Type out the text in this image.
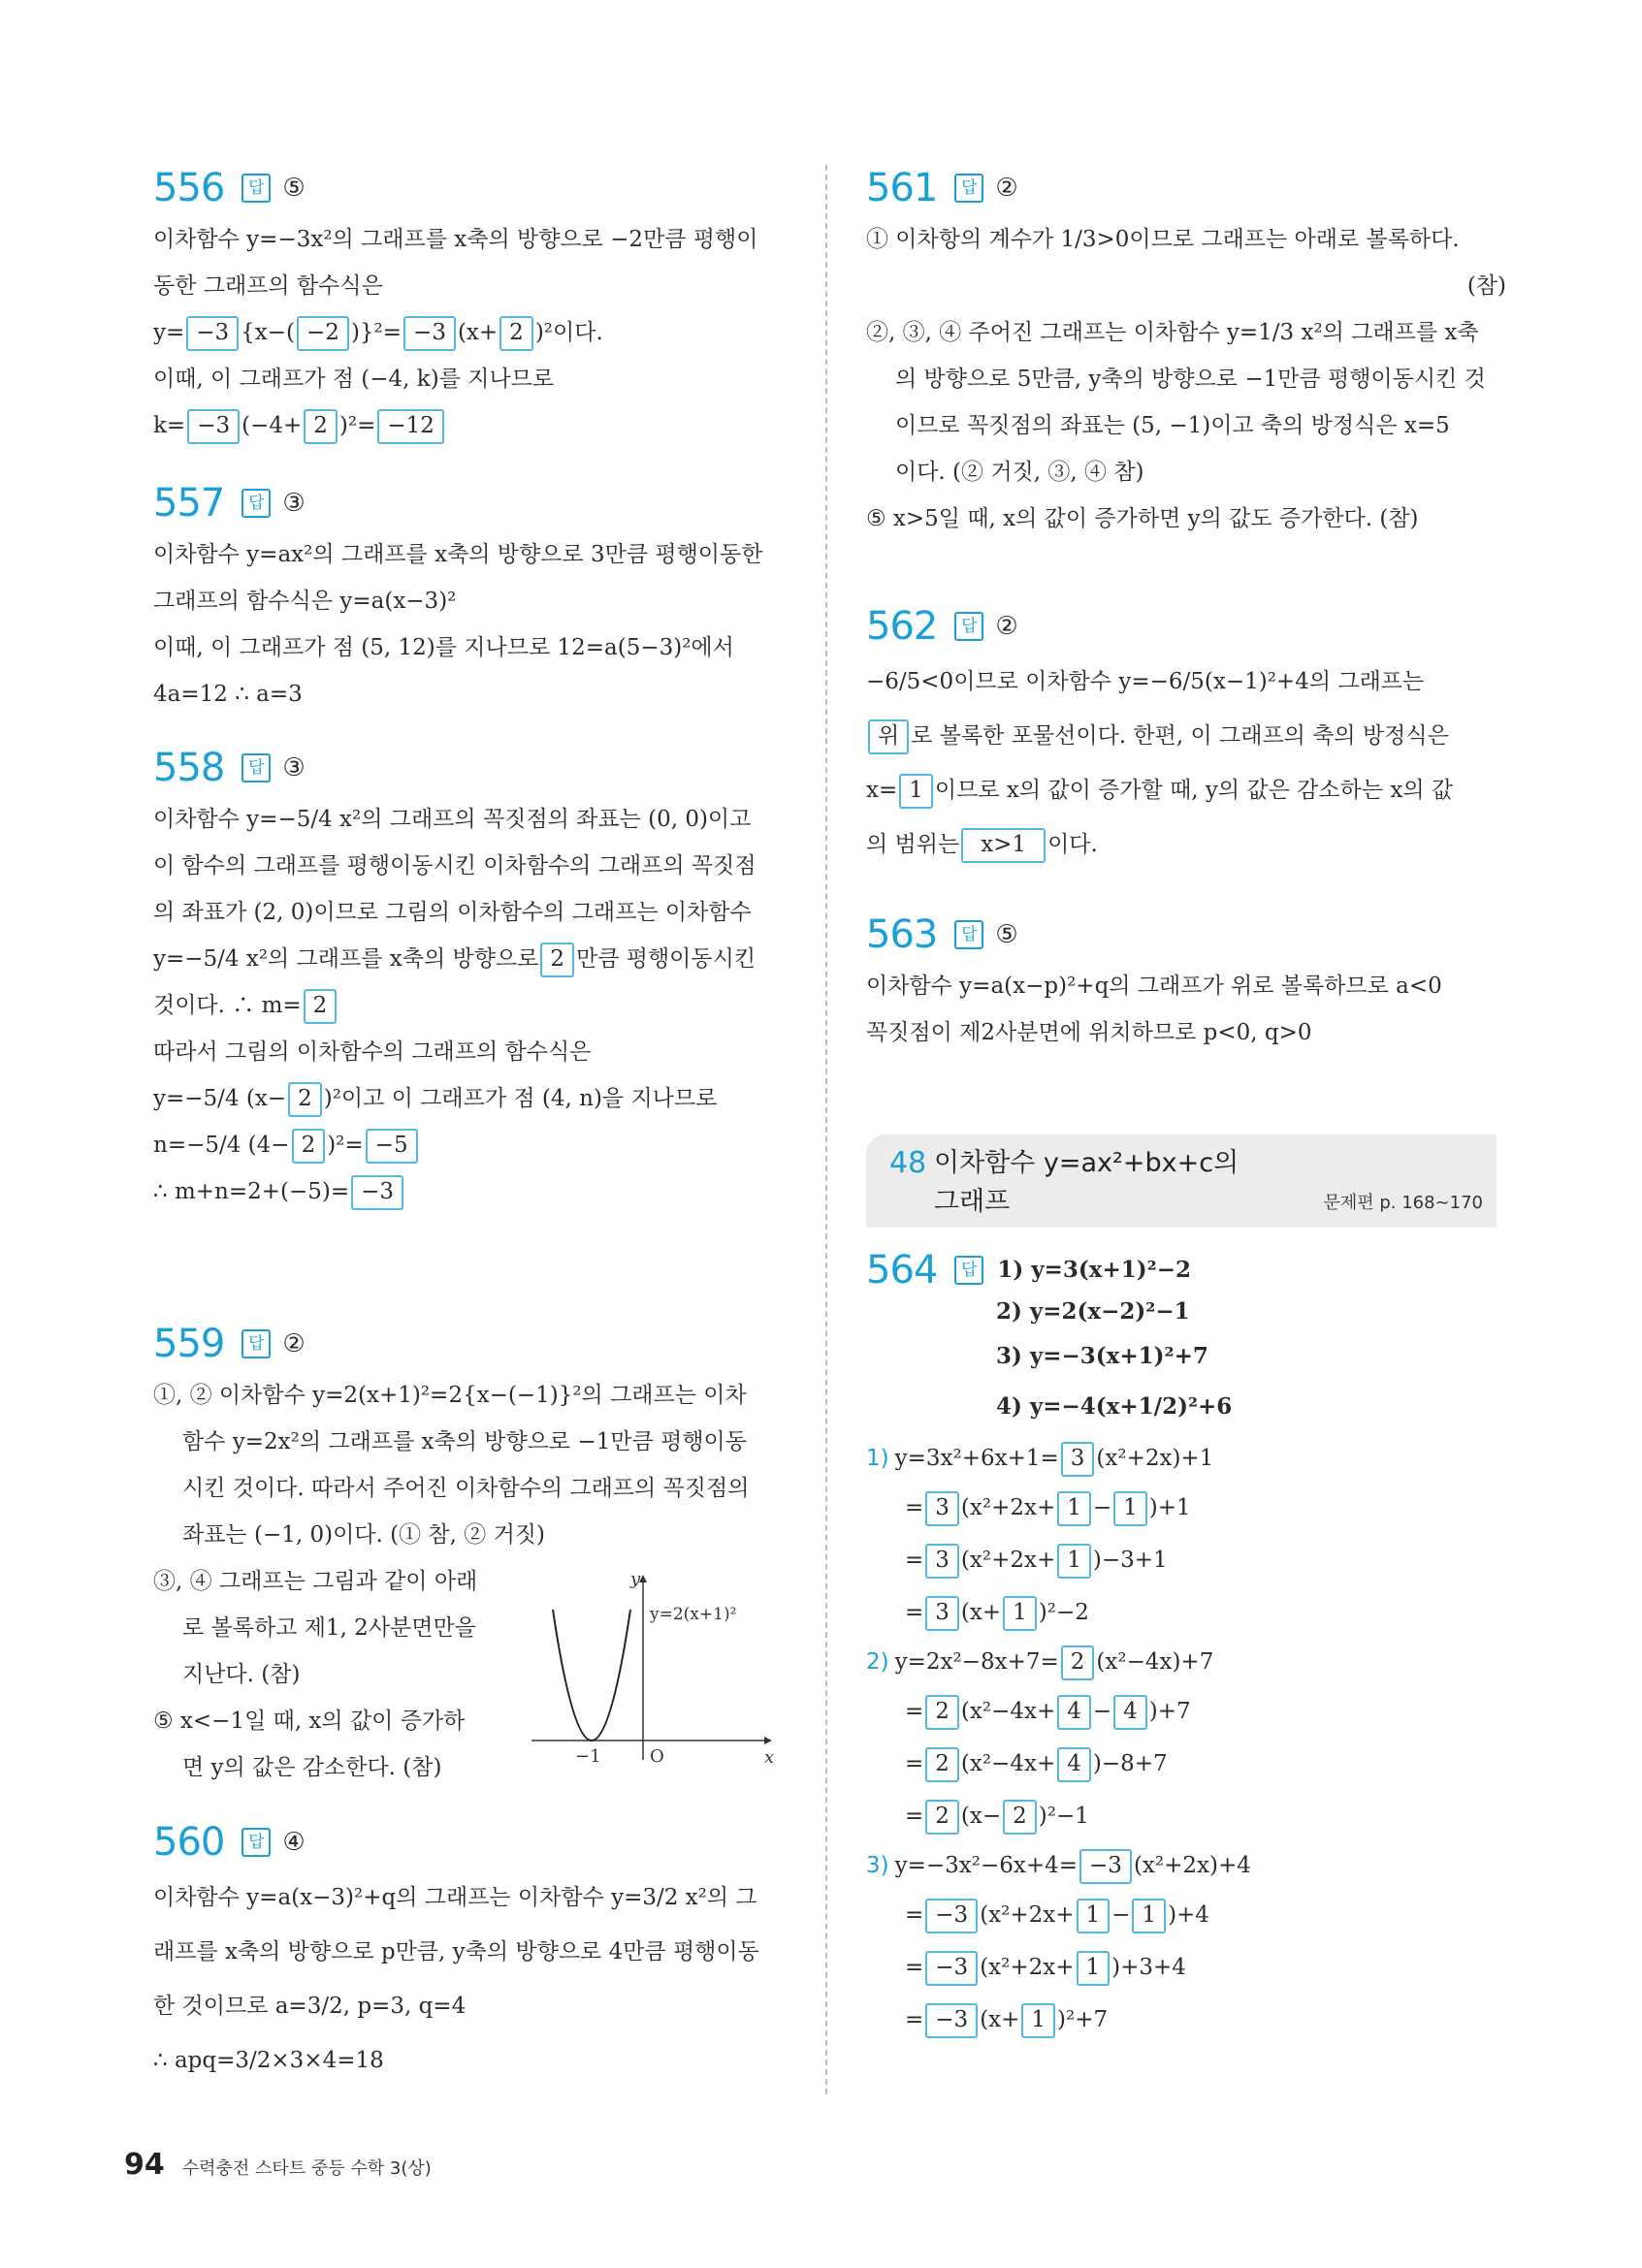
556	답 ⑤
이차함수 y=−3x²의 그래프를 x축의 방향으로 −2만큼 평행이
동한 그래프의 함수식은
y= −3 {x−( −2 )}²= −3 (x+ 2 )²이다.
이때, 이 그래프가 점 (−4, k)를 지나므로
k= −3 (−4+ 2 )²= −12
557	답 ③
이차함수 y=ax²의 그래프를 x축의 방향으로 3만큼 평행이동한
그래프의 함수식은 y=a(x−3)²
이때, 이 그래프가 점 (5, 12)를 지나므로 12=a(5−3)²에서
4a=12 ∴ a=3
558	답 ③
이차함수 y=−5/4 x²의 그래프의 꼭짓점의 좌표는 (0, 0)이고
이 함수의 그래프를 평행이동시킨 이차함수의 그래프의 꼭짓점
의 좌표가 (2, 0)이므로 그림의 이차함수의 그래프는 이차함수
y=−5/4 x²의 그래프를 x축의 방향으로 2 만큼 평행이동시킨
것이다. ∴ m= 2
따라서 그림의 이차함수의 그래프의 함수식은
y=−5/4 (x− 2 )²이고 이 그래프가 점 (4, n)을 지나므로
n=−5/4 (4− 2 )²= −5
∴ m+n=2+(−5)= −3
559	답 ②
①, ② 이차함수 y=2(x+1)²=2{x−(−1)}²의 그래프는 이차
함수 y=2x²의 그래프를 x축의 방향으로 −1만큼 평행이동
시킨 것이다. 따라서 주어진 이차함수의 그래프의 꼭짓점의
좌표는 (−1, 0)이다. (① 참, ② 거짓)
③, ④ 그래프는 그림과 같이 아래
로 볼록하고 제1, 2사분면만을
지난다. (참)
⑤ x<−1일 때, x의 값이 증가하
면 y의 값은 감소한다. (참)
y
x
O
−1
y=2(x+1)²
560	답 ④
이차함수 y=a(x−3)²+q의 그래프는 이차함수 y=3/2 x²의 그
래프를 x축의 방향으로 p만큼, y축의 방향으로 4만큼 평행이동
한 것이므로 a=3/2, p=3, q=4
∴ apq=3/2×3×4=18
561	답 ②
① 이차항의 계수가 1/3>0이므로 그래프는 아래로 볼록하다.
(참)
②, ③, ④ 주어진 그래프는 이차함수 y=1/3 x²의 그래프를 x축
의 방향으로 5만큼, y축의 방향으로 −1만큼 평행이동시킨 것
이므로 꼭짓점의 좌표는 (5, −1)이고 축의 방정식은 x=5
이다. (② 거짓, ③, ④ 참)
⑤ x>5일 때, x의 값이 증가하면 y의 값도 증가한다. (참)
562	답 ②
−6/5<0이므로 이차함수 y=−6/5(x−1)²+4의 그래프는
위 로 볼록한 포물선이다. 한편, 이 그래프의 축의 방정식은
x= 1 이므로 x의 값이 증가할 때, y의 값은 감소하는 x의 값
의 범위는 x>1 이다.
563	답 ⑤
이차함수 y=a(x−p)²+q의 그래프가 위로 볼록하므로 a<0
꼭짓점이 제2사분면에 위치하므로 p<0, q>0
48 이차함수 y=ax²+bx+c의
그래프	문제편 p. 168~170
564	답 1) y=3(x+1)²−2
2) y=2(x−2)²−1
3) y=−3(x+1)²+7
4) y=−4(x+1/2)²+6
1) y=3x²+6x+1= 3 (x²+2x)+1
= 3 (x²+2x+ 1 − 1 )+1
= 3 (x²+2x+ 1 )−3+1
= 3 (x+ 1 )²−2
2) y=2x²−8x+7= 2 (x²−4x)+7
= 2 (x²−4x+ 4 − 4 )+7
= 2 (x²−4x+ 4 )−8+7
= 2 (x− 2 )²−1
3) y=−3x²−6x+4= −3 (x²+2x)+4
= −3 (x²+2x+ 1 − 1 )+4
= −3 (x²+2x+ 1 )+3+4
= −3 (x+ 1 )²+7
94 수력충전 스타트 중등 수학 3(상)
